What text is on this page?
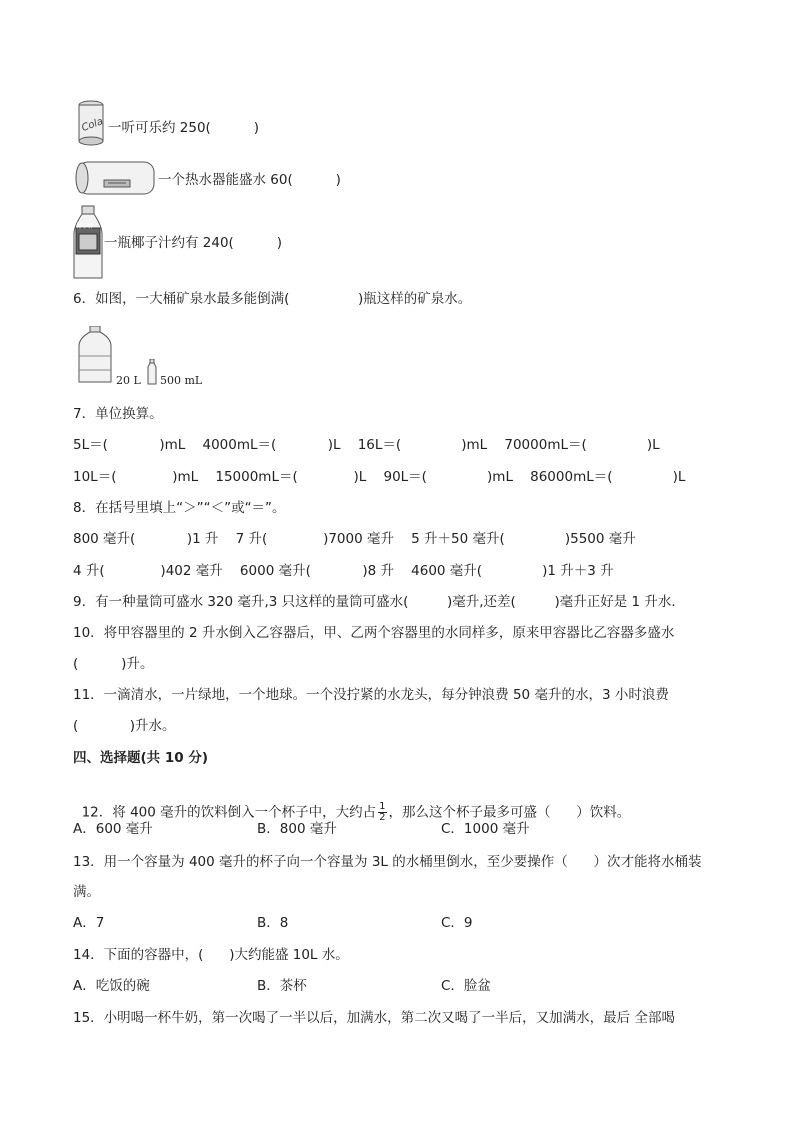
Cola 一听可乐约 250(          )
一个热水器能盛水 60(          )
椰子汁
一瓶椰子汁约有 240(          )
6．如图，一大桶矿泉水最多能倒满(                )瓶这样的矿泉水。
20 L 500 mL
7．单位换算。
5L＝(            )mL    4000mL＝(            )L    16L＝(              )mL    70000mL＝(              )L
10L＝(             )mL    15000mL＝(             )L    90L＝(              )mL    86000mL＝(              )L
8．在括号里填上“＞”“＜”或“＝”。
800 毫升(            )1 升    7 升(             )7000 毫升    5 升＋50 毫升(              )5500 毫升
4 升(             )402 毫升    6000 毫升(            )8 升    4600 毫升(              )1 升＋3 升
9．有一种量筒可盛水 320 毫升,3 只这样的量筒可盛水(         )毫升,还差(         )毫升正好是 1 升水．
10．将甲容器里的 2 升水倒入乙容器后，甲、乙两个容器里的水同样多，原来甲容器比乙容器多盛水
(          )升。
11．一滴清水，一片绿地，一个地球。一个没拧紧的水龙头，每分钟浪费 50 毫升的水，3 小时浪费
(            )升水。
四、选择题(共 10 分)

12．将 400 毫升的饮料倒入一个杯子中，大约占 $\frac{1}{2}$ ，那么这个杯子最多可盛（      ）饮料。

A．600 毫升	B．800 毫升	C．1000 毫升
13．用一个容量为 400 毫升的杯子向一个容量为 3L 的水桶里倒水，至少要操作（      ）次才能将水桶装
满。
A．7	B．8	C．9
14．下面的容器中，(      )大约能盛 10L 水。
A．吃饭的碗	B．茶杯	C．脸盆
15．小明喝一杯牛奶，第一次喝了一半以后，加满水，第二次又喝了一半后，又加满水，最后 全部喝
